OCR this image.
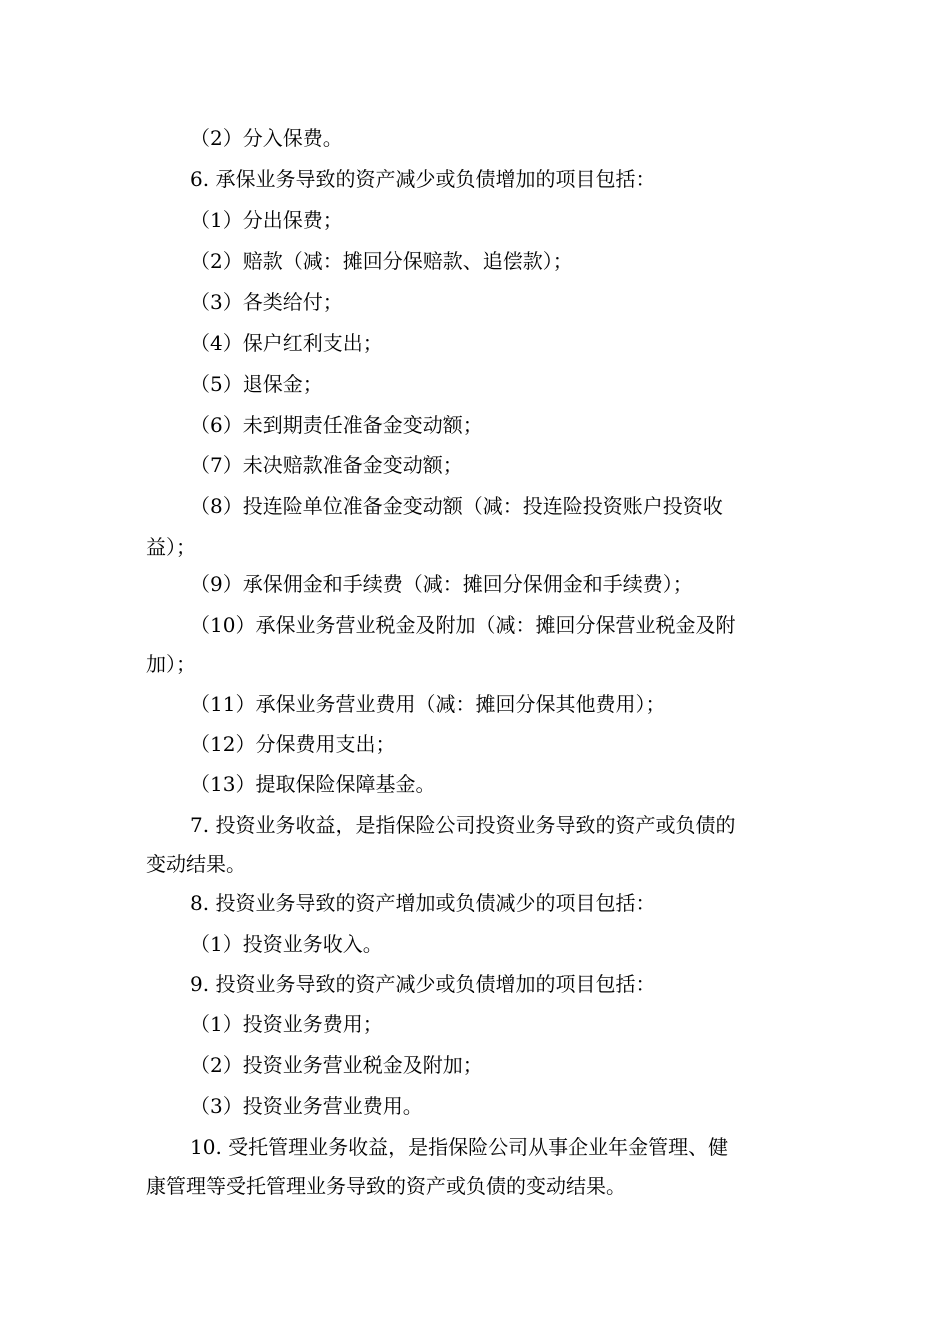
（2）分入保费。
6. 承保业务导致的资产减少或负债增加的项目包括：
（1）分出保费；
（2）赔款（减：摊回分保赔款、追偿款）；
（3）各类给付；
（4）保户红利支出；
（5）退保金；
（6）未到期责任准备金变动额；
（7）未决赔款准备金变动额；
（8）投连险单位准备金变动额（减：投连险投资账户投资收
益）；
（9）承保佣金和手续费（减：摊回分保佣金和手续费）；
（10）承保业务营业税金及附加（减：摊回分保营业税金及附
加）；
（11）承保业务营业费用（减：摊回分保其他费用）；
（12）分保费用支出；
（13）提取保险保障基金。
7. 投资业务收益，是指保险公司投资业务导致的资产或负债的
变动结果。
8. 投资业务导致的资产增加或负债减少的项目包括：
（1）投资业务收入。
9. 投资业务导致的资产减少或负债增加的项目包括：
（1）投资业务费用；
（2）投资业务营业税金及附加；
（3）投资业务营业费用。
10. 受托管理业务收益，是指保险公司从事企业年金管理、健
康管理等受托管理业务导致的资产或负债的变动结果。
